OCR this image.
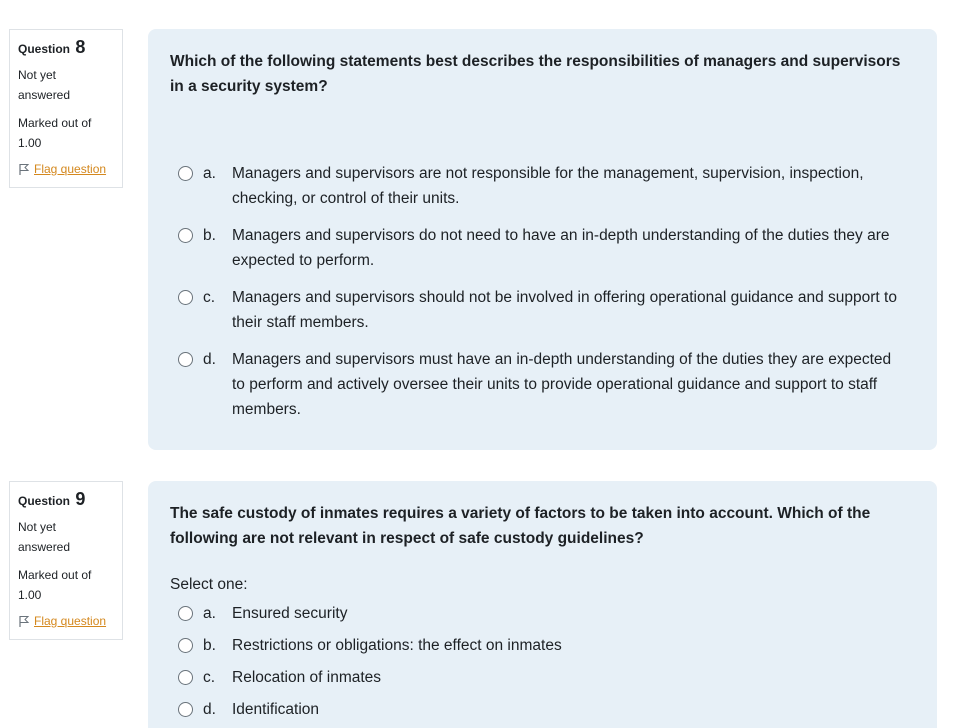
Question 8
Not yet answered
Marked out of 1.00
Flag question
Which of the following statements best describes the responsibilities of managers and supervisors in a security system?
a. Managers and supervisors are not responsible for the management, supervision, inspection, checking, or control of their units.
b. Managers and supervisors do not need to have an in-depth understanding of the duties they are expected to perform.
c. Managers and supervisors should not be involved in offering operational guidance and support to their staff members.
d. Managers and supervisors must have an in-depth understanding of the duties they are expected to perform and actively oversee their units to provide operational guidance and support to staff members.
Question 9
Not yet answered
Marked out of 1.00
Flag question
The safe custody of inmates requires a variety of factors to be taken into account. Which of the following are not relevant in respect of safe custody guidelines?
Select one:
a. Ensured security
b. Restrictions or obligations: the effect on inmates
c. Relocation of inmates
d. Identification
